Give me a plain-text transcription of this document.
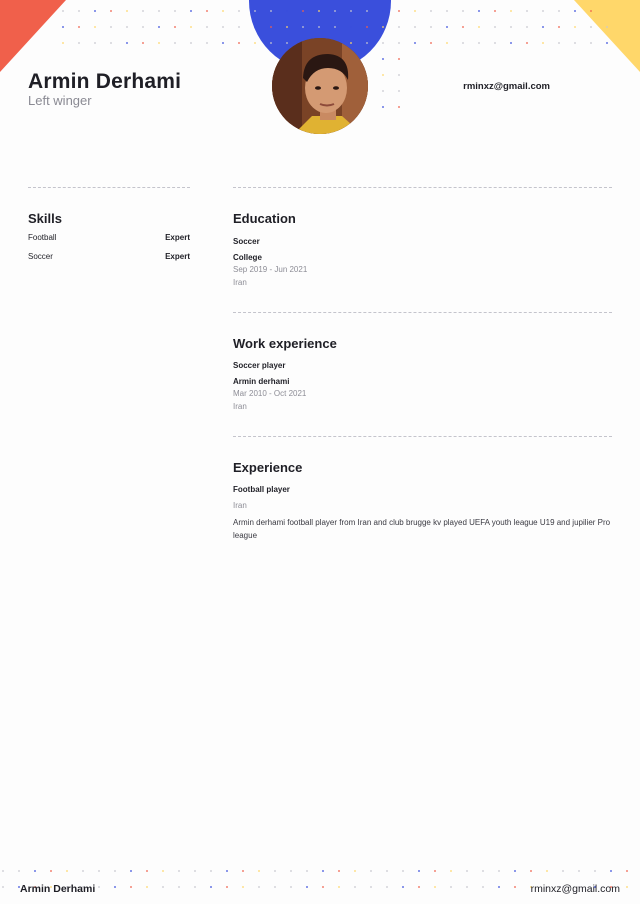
Armin Derhami
Left winger
rminxz@gmail.com
Skills
Football	Expert
Soccer	Expert
Education
Soccer
College
Sep 2019 - Jun 2021
Iran
Work experience
Soccer player
Armin derhami
Mar 2010 - Oct 2021
Iran
Experience
Football player
Iran
Armin derhami football player from Iran and club brugge kv played UEFA youth league U19 and jupilier Pro league
Armin Derhami	rminxz@gmail.com
